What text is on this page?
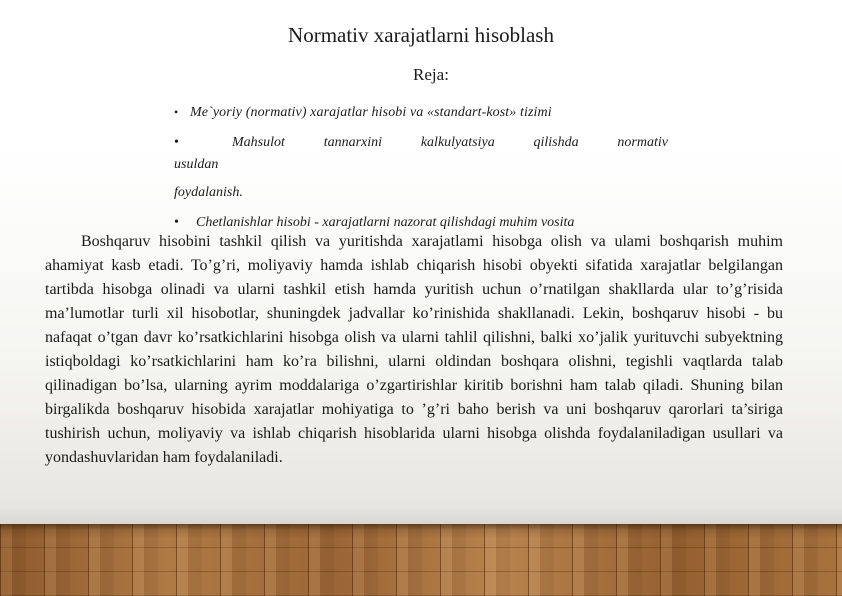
Normativ xarajatlarni hisoblash
Reja:
• Me`yoriy (normativ) xarajatlar hisobi va «standart-kost» tizimi
•	Mahsulot tannarxini kalkulyatsiya qilishda normativ usuldan
foydalanish.
• Chetlanishlar hisobi - xarajatlarni nazorat qilishdagi muhim vosita

Boshqaruv hisobini tashkil qilish va yuritishda xarajatlami hisobga olish va ulami boshqarish muhim ahamiyat kasb etadi. To’g’ri, moliyaviy hamda ishlab chiqarish hisobi obyekti sifatida xarajatlar belgilangan tartibda hisobga olinadi va ularni tashkil etish hamda yuritish uchun o’rnatilgan shakllarda ular to’g’risida ma’lumotlar turli xil hisobotlar, shuningdek jadvallar ko’rinishida shakllanadi. Lekin, boshqaruv hisobi - bu nafaqat o’tgan davr ko’rsatkichlarini hisobga olish va ularni tahlil qilishni, balki xo’jalik yurituvchi subyektning istiqboldagi ko’rsatkichlarini ham ko’ra bilishni, ularni oldindan boshqara olishni, tegishli vaqtlarda talab qilinadigan bo’lsa, ularning ayrim moddalariga o’zgartirishlar kiritib borishni ham talab qiladi. Shuning bilan birgalikda boshqaruv hisobida xarajatlar mohiyatiga to ’g’ri baho berish va uni boshqaruv qarorlari ta’siriga tushirish uchun, moliyaviy va ishlab chiqarish hisoblarida ularni hisobga olishda foydalaniladigan usullari va yondashuvlaridan ham foydalaniladi.
